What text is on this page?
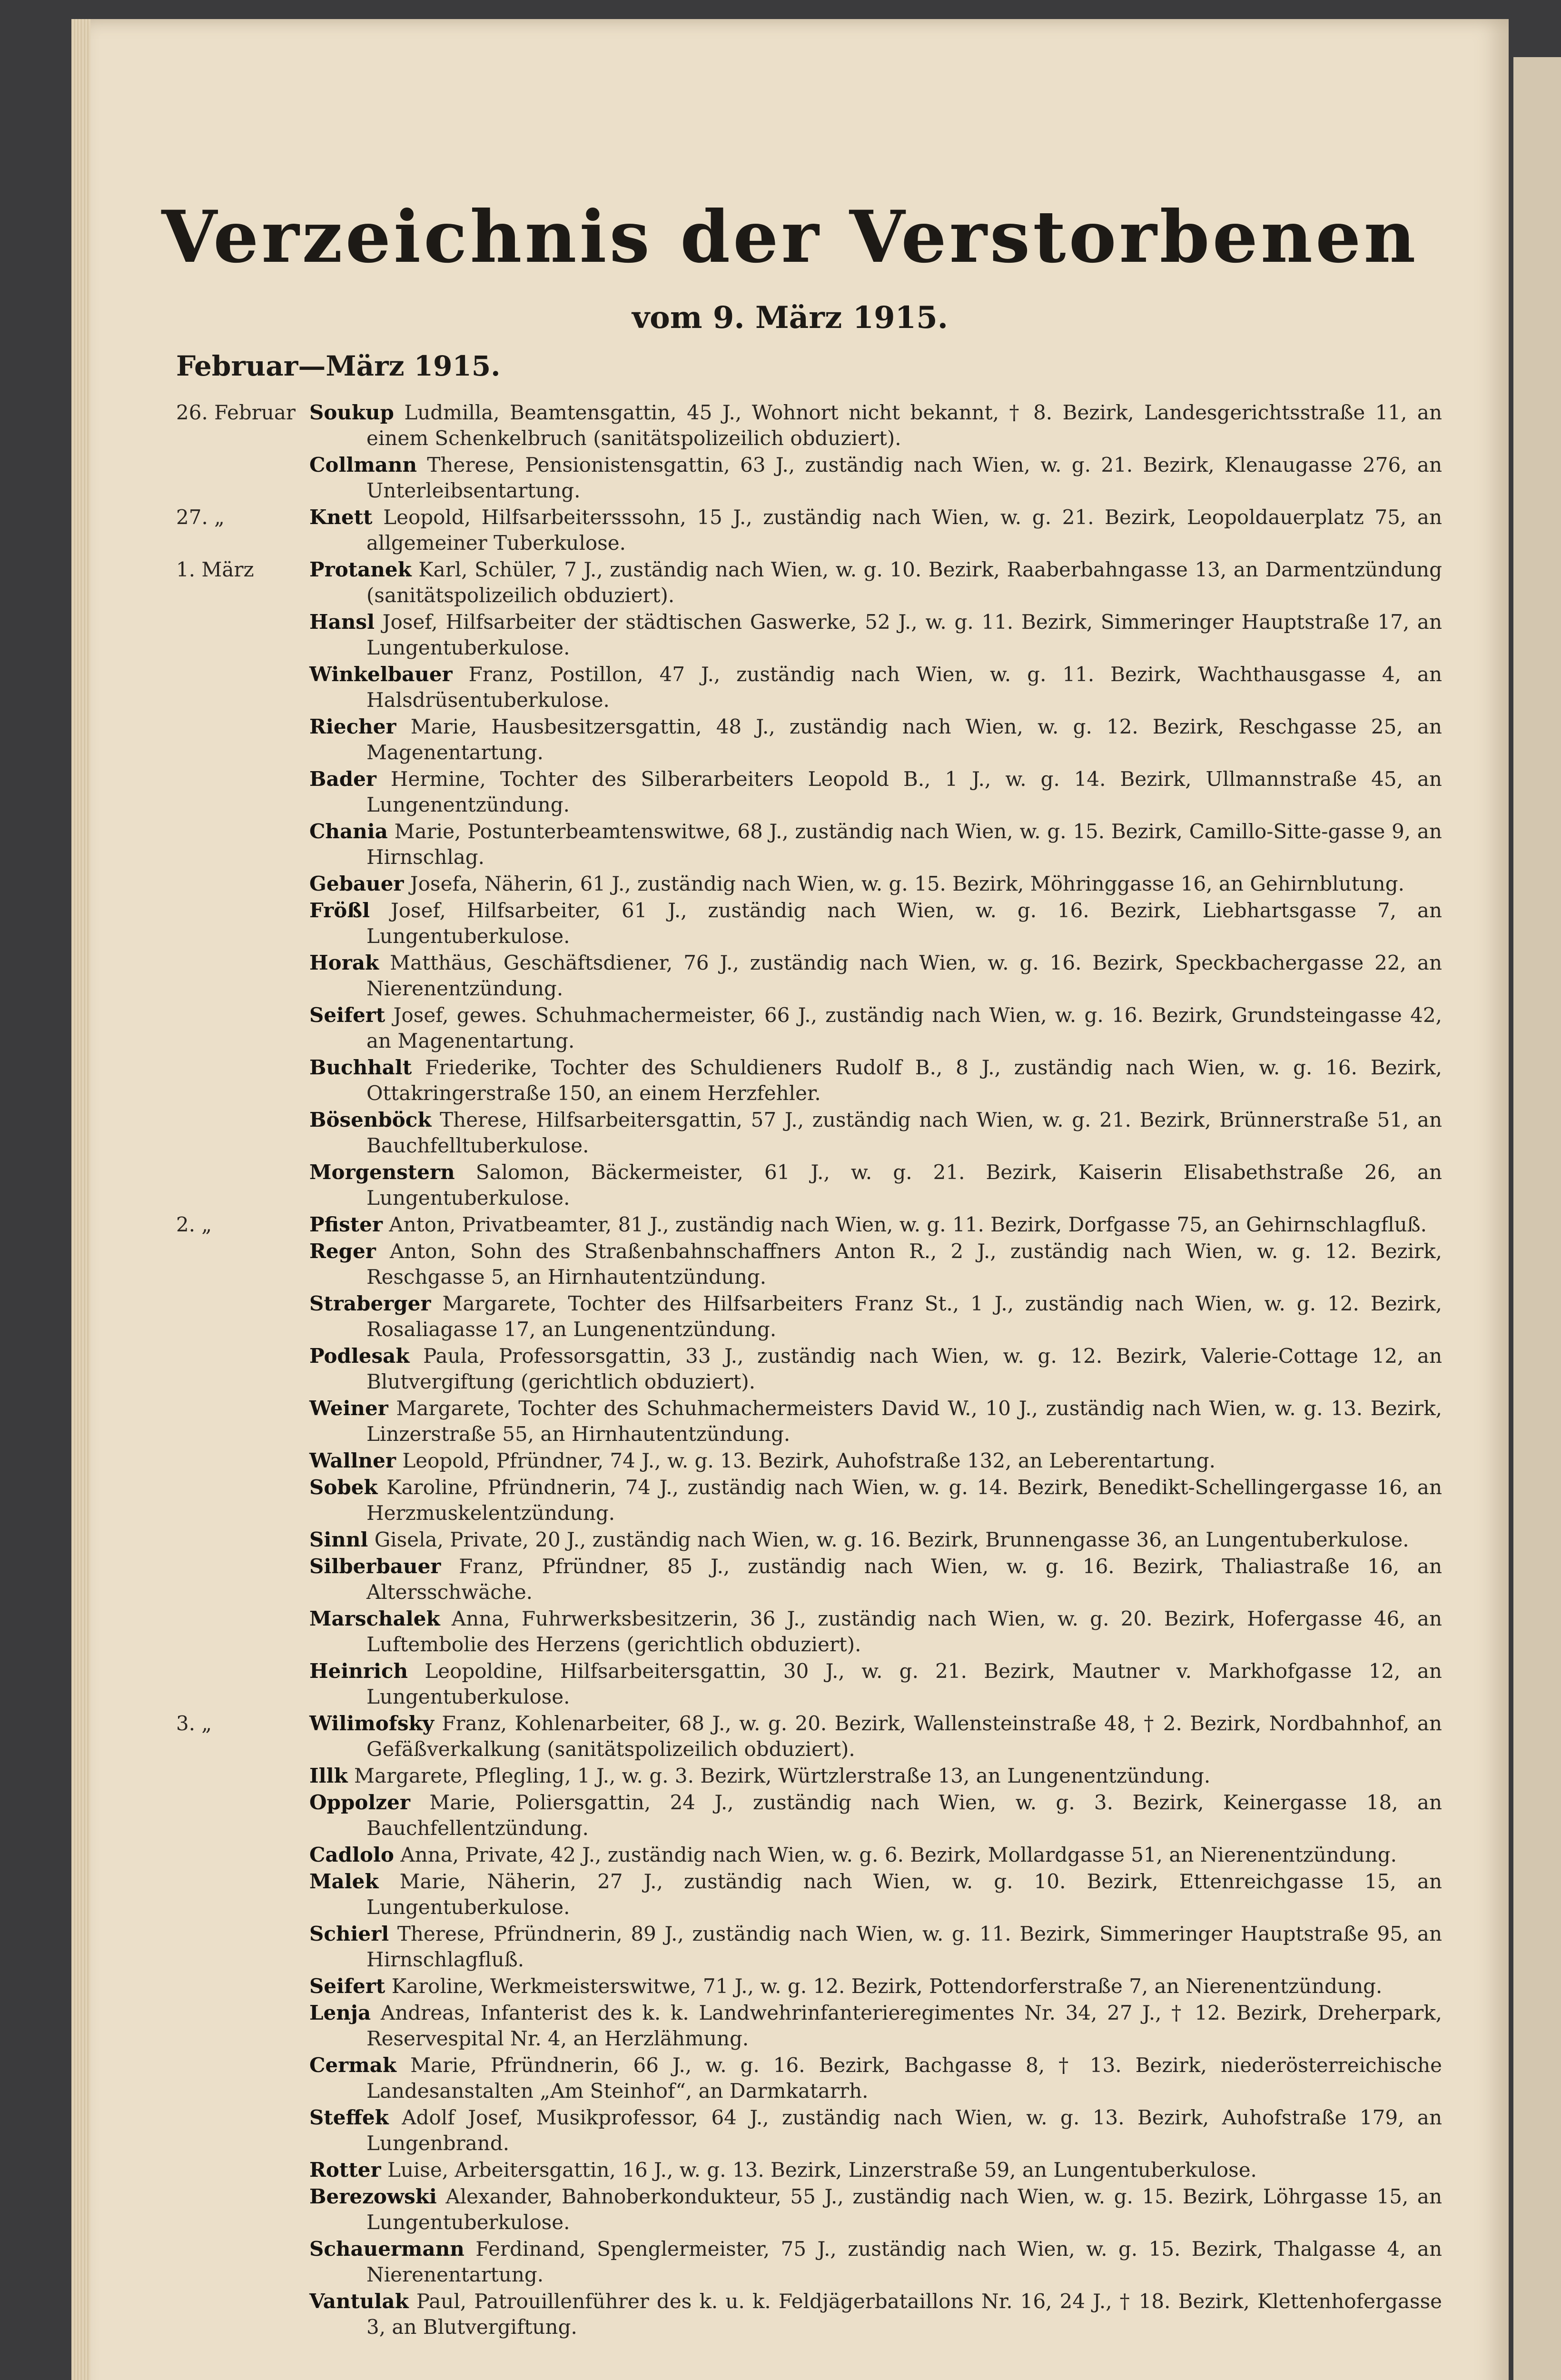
Verzeichnis der Verstorbenen
vom 9. März 1915.
Februar—März 1915.
26. Februar Soukup Ludmilla, Beamtensgattin, 45 J., Wohnort nicht bekannt, † 8. Bezirk, Landesgerichtsstraße 11, an einem Schenkelbruch (sanitätspolizeilich obduziert).
Collmann Therese, Pensionistensgattin, 63 J., zuständig nach Wien, w. g. 21. Bezirk, Klenaugasse 276, an Unterleibsentartung.
27. „	Knett Leopold, Hilfsarbeitersssohn, 15 J., zuständig nach Wien, w. g. 21. Bezirk, Leopoldauerplatz 75, an allgemeiner Tuberkulose.
1. März	Protanek Karl, Schüler, 7 J., zuständig nach Wien, w. g. 10. Bezirk, Raaberbahngasse 13, an Darmentzündung (sanitätspolizeilich obduziert).
Hansl Josef, Hilfsarbeiter der städtischen Gaswerke, 52 J., w. g. 11. Bezirk, Simmeringer Hauptstraße 17, an Lungentuberkulose.
Winkelbauer Franz, Postillon, 47 J., zuständig nach Wien, w. g. 11. Bezirk, Wachthausgasse 4, an Halsdrüsentuberkulose.
Riecher Marie, Hausbesitzersgattin, 48 J., zuständig nach Wien, w. g. 12. Bezirk, Reschgasse 25, an Magenentartung.
Bader Hermine, Tochter des Silberarbeiters Leopold B., 1 J., w. g. 14. Bezirk, Ullmannstraße 45, an Lungenentzündung.
Chania Marie, Postunterbeamtenswitwe, 68 J., zuständig nach Wien, w. g. 15. Bezirk, Camillo-Sitte-gasse 9, an Hirnschlag.
Gebauer Josefa, Näherin, 61 J., zuständig nach Wien, w. g. 15. Bezirk, Möhringgasse 16, an Gehirnblutung.
Frößl Josef, Hilfsarbeiter, 61 J., zuständig nach Wien, w. g. 16. Bezirk, Liebhartsgasse 7, an Lungentuberkulose.
Horak Matthäus, Geschäftsdiener, 76 J., zuständig nach Wien, w. g. 16. Bezirk, Speckbachergasse 22, an Nierenentzündung.
Seifert Josef, gewes. Schuhmachermeister, 66 J., zuständig nach Wien, w. g. 16. Bezirk, Grundsteingasse 42, an Magenentartung.
Buchhalt Friederike, Tochter des Schuldieners Rudolf B., 8 J., zuständig nach Wien, w. g. 16. Bezirk, Ottakringerstraße 150, an einem Herzfehler.
Bösenböck Therese, Hilfsarbeitersgattin, 57 J., zuständig nach Wien, w. g. 21. Bezirk, Brünnerstraße 51, an Bauchfelltuberkulose.
Morgenstern Salomon, Bäckermeister, 61 J., w. g. 21. Bezirk, Kaiserin Elisabethstraße 26, an Lungentuberkulose.
2. „	Pfister Anton, Privatbeamter, 81 J., zuständig nach Wien, w. g. 11. Bezirk, Dorfgasse 75, an Gehirnschlagfluß.
Reger Anton, Sohn des Straßenbahnschaffners Anton R., 2 J., zuständig nach Wien, w. g. 12. Bezirk, Reschgasse 5, an Hirnhautentzündung.
Straberger Margarete, Tochter des Hilfsarbeiters Franz St., 1 J., zuständig nach Wien, w. g. 12. Bezirk, Rosaliagasse 17, an Lungenentzündung.
Podlesak Paula, Professorsgattin, 33 J., zuständig nach Wien, w. g. 12. Bezirk, Valerie-Cottage 12, an Blutvergiftung (gerichtlich obduziert).
Weiner Margarete, Tochter des Schuhmachermeisters David W., 10 J., zuständig nach Wien, w. g. 13. Bezirk, Linzerstraße 55, an Hirnhautentzündung.
Wallner Leopold, Pfründner, 74 J., w. g. 13. Bezirk, Auhofstraße 132, an Leberentartung.
Sobek Karoline, Pfründnerin, 74 J., zuständig nach Wien, w. g. 14. Bezirk, Benedikt-Schellingergasse 16, an Herzmuskelentzündung.
Sinnl Gisela, Private, 20 J., zuständig nach Wien, w. g. 16. Bezirk, Brunnengasse 36, an Lungentuberkulose.
Silberbauer Franz, Pfründner, 85 J., zuständig nach Wien, w. g. 16. Bezirk, Thaliastraße 16, an Altersschwäche.
Marschalek Anna, Fuhrwerksbesitzerin, 36 J., zuständig nach Wien, w. g. 20. Bezirk, Hofergasse 46, an Luftembolie des Herzens (gerichtlich obduziert).
Heinrich Leopoldine, Hilfsarbeitersgattin, 30 J., w. g. 21. Bezirk, Mautner v. Markhofgasse 12, an Lungentuberkulose.
3. „	Wilimofsky Franz, Kohlenarbeiter, 68 J., w. g. 20. Bezirk, Wallensteinstraße 48, † 2. Bezirk, Nordbahnhof, an Gefäßverkalkung (sanitätspolizeilich obduziert).
Illk Margarete, Pflegling, 1 J., w. g. 3. Bezirk, Würtzlerstraße 13, an Lungenentzündung.
Oppolzer Marie, Poliersgattin, 24 J., zuständig nach Wien, w. g. 3. Bezirk, Keinergasse 18, an Bauchfellentzündung.
Cadlolo Anna, Private, 42 J., zuständig nach Wien, w. g. 6. Bezirk, Mollardgasse 51, an Nierenentzündung.
Malek Marie, Näherin, 27 J., zuständig nach Wien, w. g. 10. Bezirk, Ettenreichgasse 15, an Lungentuberkulose.
Schierl Therese, Pfründnerin, 89 J., zuständig nach Wien, w. g. 11. Bezirk, Simmeringer Hauptstraße 95, an Hirnschlagfluß.
Seifert Karoline, Werkmeisterswitwe, 71 J., w. g. 12. Bezirk, Pottendorferstraße 7, an Nierenentzündung.
Lenja Andreas, Infanterist des k. k. Landwehrinfanterieregimentes Nr. 34, 27 J., † 12. Bezirk, Dreherpark, Reservespital Nr. 4, an Herzlähmung.
Cermak Marie, Pfründnerin, 66 J., w. g. 16. Bezirk, Bachgasse 8, † 13. Bezirk, niederösterreichische Landesanstalten „Am Steinhof“, an Darmkatarrh.
Steffek Adolf Josef, Musikprofessor, 64 J., zuständig nach Wien, w. g. 13. Bezirk, Auhofstraße 179, an Lungenbrand.
Rotter Luise, Arbeitersgattin, 16 J., w. g. 13. Bezirk, Linzerstraße 59, an Lungentuberkulose.
Berezowski Alexander, Bahnoberkondukteur, 55 J., zuständig nach Wien, w. g. 15. Bezirk, Löhrgasse 15, an Lungentuberkulose.
Schauermann Ferdinand, Spenglermeister, 75 J., zuständig nach Wien, w. g. 15. Bezirk, Thalgasse 4, an Nierenentartung.
Vantulak Paul, Patrouillenführer des k. u. k. Feldjägerbataillons Nr. 16, 24 J., † 18. Bezirk, Klettenhofergasse 3, an Blutvergiftung.
